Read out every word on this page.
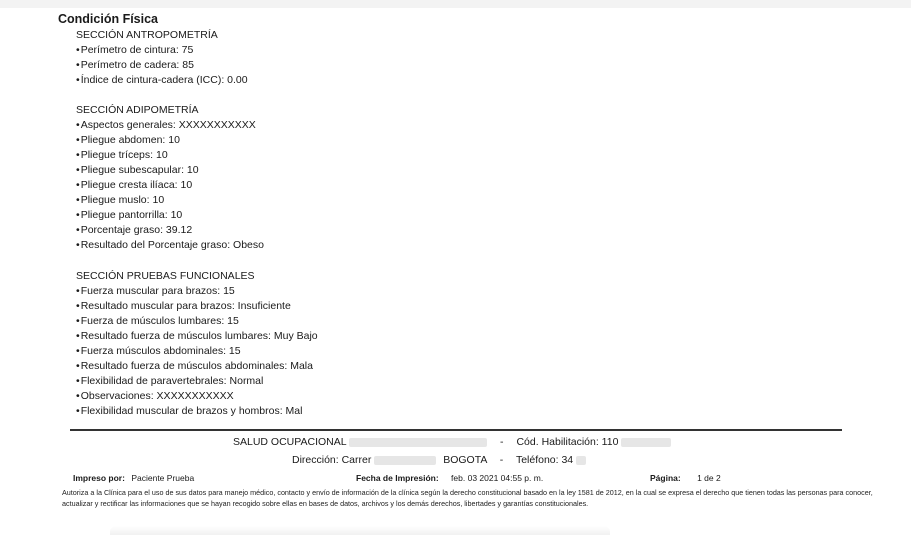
Condición Física
SECCIÓN ANTROPOMETRÍA
• Perímetro de cintura: 75
• Perímetro de cadera: 85
• Índice de cintura-cadera (ICC): 0.00
SECCIÓN ADIPOMETRÍA
• Aspectos generales: XXXXXXXXXXX
• Pliegue abdomen: 10
• Pliegue tríceps: 10
• Pliegue subescapular: 10
• Pliegue cresta ilíaca: 10
• Pliegue muslo: 10
• Pliegue pantorrilla: 10
• Porcentaje graso: 39.12
• Resultado del Porcentaje graso: Obeso
SECCIÓN PRUEBAS FUNCIONALES
• Fuerza muscular para brazos: 15
• Resultado muscular para brazos: Insuficiente
• Fuerza de músculos lumbares: 15
• Resultado fuerza de músculos lumbares: Muy Bajo
• Fuerza músculos abdominales: 15
• Resultado fuerza de músculos abdominales: Mala
• Flexibilidad de paravertebrales: Normal
• Observaciones: XXXXXXXXXXX
• Flexibilidad muscular de brazos y hombros: Mal
SALUD OCUPACIONAL	- Cód. Habilitación: 110
Dirección: Carrer	BOGOTA - Teléfono: 34
Impreso por: Paciente Prueba	Fecha de Impresión: feb. 03 2021 04:55 p. m.	Página: 1 de 2
Autoriza a la Clínica para el uso de sus datos para manejo médico, contacto y envío de información de la clínica según la derecho constitucional basado en la ley 1581 de 2012, en la cual se expresa el derecho que tienen todas las personas para conocer, actualizar y rectificar las informaciones que se hayan recogido sobre ellas en bases de datos, archivos y los demás derechos, libertades y garantías constitucionales.
